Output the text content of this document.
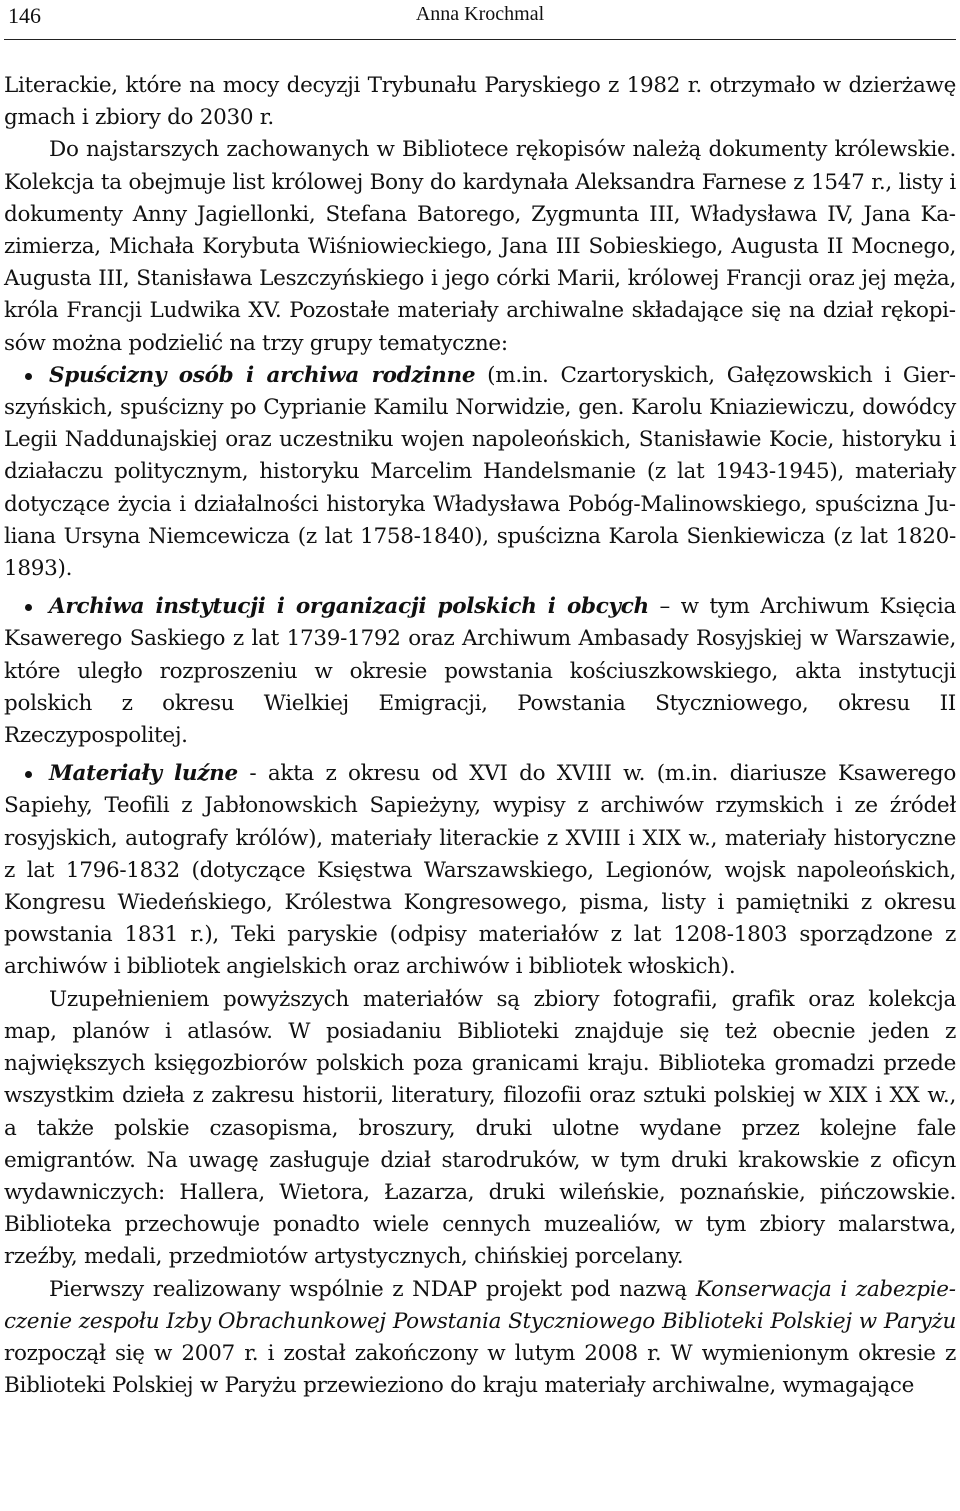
146	Anna Krochmal

Literackie, które na mocy decyzji Trybunału Paryskiego z 1982 r. otrzymało w dzierżawę gmach i zbiory do 2030 r.

Do najstarszych zachowanych w Bibliotece rękopisów należą dokumenty królewskie. Kolekcja ta obejmuje list królowej Bony do kardynała Aleksandra Farnese z 1547 r., listy i dokumenty Anny Jagiellonki, Stefana Batorego, Zygmunta III, Władysława IV, Jana Kazimierza, Michała Korybuta Wiśniowieckiego, Jana III Sobieskiego, Augusta II Mocnego, Augusta III, Stanisława Leszczyńskiego i jego córki Marii, królowej Francji oraz jej męża, króla Francji Ludwika XV. Pozostałe materiały archiwalne składające się na dział rękopisów można podzielić na trzy grupy tematyczne:

Spuścizny osób i archiwa rodzinne (m.in. Czartoryskich, Gałęzowskich i Gierszyńskich, spuścizny po Cyprianie Kamilu Norwidzie, gen. Karolu Kniaziewiczu, dowódcy Legii Naddunajskiej oraz uczestniku wojen napoleońskich, Stanisławie Kocie, historyku i działaczu politycznym, historyku Marcelim Handelsmanie (z lat 1943-1945), materiały dotyczące życia i działalności historyka Władysława Pobóg-Malinowskiego, spuścizna Juliana Ursyna Niemcewicza (z lat 1758-1840), spuścizna Karola Sienkiewicza (z lat 1820-1893).
Archiwa instytucji i organizacji polskich i obcych – w tym Archiwum Księcia Ksawerego Saskiego z lat 1739-1792 oraz Archiwum Ambasady Rosyjskiej w Warszawie, które uległo rozproszeniu w okresie powstania kościuszkowskiego, akta instytucji polskich z okresu Wielkiej Emigracji, Powstania Styczniowego, okresu II Rzeczypospolitej.
Materiały luźne - akta z okresu od XVI do XVIII w. (m.in. diariusze Ksawerego Sapiehy, Teofili z Jabłonowskich Sapieżyny, wypisy z archiwów rzymskich i ze źródeł rosyjskich, autografy królów), materiały literackie z XVIII i XIX w., materiały historyczne z lat 1796-1832 (dotyczące Księstwa Warszawskiego, Legionów, wojsk napoleońskich, Kongresu Wiedeńskiego, Królestwa Kongresowego, pisma, listy i pamiętniki z okresu powstania 1831 r.), Teki paryskie (odpisy materiałów z lat 1208-1803 sporządzone z archiwów i bibliotek angielskich oraz archiwów i bibliotek włoskich).

Uzupełnieniem powyższych materiałów są zbiory fotografii, grafik oraz kolekcja map, planów i atlasów. W posiadaniu Biblioteki znajduje się też obecnie jeden z największych księgozbiorów polskich poza granicami kraju. Biblioteka gromadzi przede wszystkim dzieła z zakresu historii, literatury, filozofii oraz sztuki polskiej w XIX i XX w., a także polskie czasopisma, broszury, druki ulotne wydane przez kolejne fale emigrantów. Na uwagę zasługuje dział starodruków, w tym druki krakowskie z oficyn wydawniczych: Hallera, Wietora, Łazarza, druki wileńskie, poznańskie, pińczowskie. Biblioteka przechowuje ponadto wiele cennych muzealiów, w tym zbiory malarstwa, rzeźby, medali, przedmiotów artystycznych, chińskiej porcelany.

Pierwszy realizowany wspólnie z NDAP projekt pod nazwą Konserwacja i zabezpieczenie zespołu Izby Obrachunkowej Powstania Styczniowego Biblioteki Polskiej w Paryżu rozpoczął się w 2007 r. i został zakończony w lutym 2008 r. W wymienionym okresie z Biblioteki Polskiej w Paryżu przewieziono do kraju materiały archiwalne, wymagające
